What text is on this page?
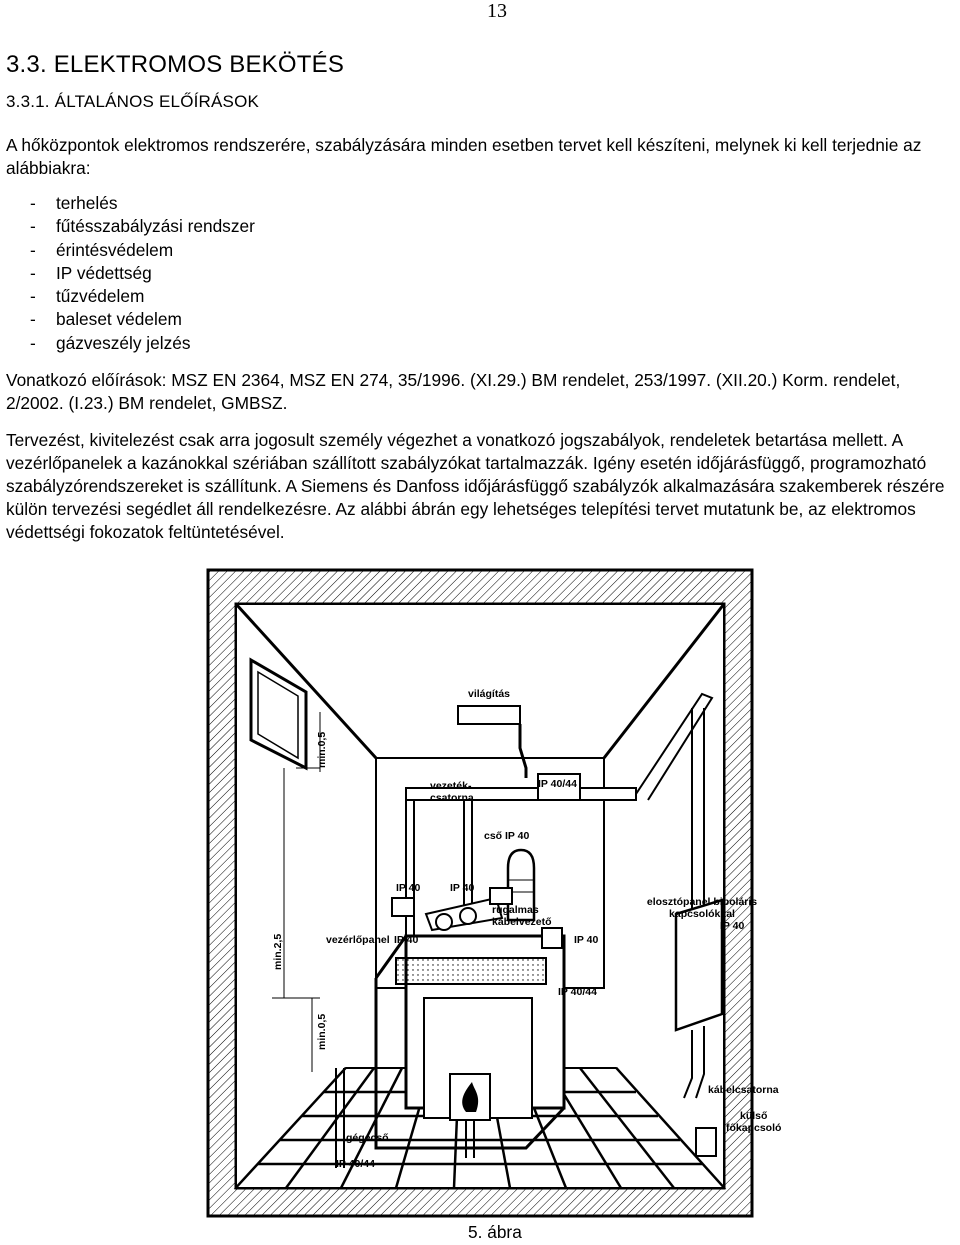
13
3.3. ELEKTROMOS BEKÖTÉS
3.3.1. ÁLTALÁNOS ELŐÍRÁSOK

A hőközpontok elektromos rendszerére, szabályzására minden esetben tervet kell készíteni, melynek ki kell terjednie az alábbiakra:

- terhelés
- fűtésszabályzási rendszer
- érintésvédelem
- IP védettség
- tűzvédelem
- baleset védelem
- gázveszély jelzés

Vonatkozó előírások: MSZ EN 2364, MSZ EN 274, 35/1996. (XI.29.) BM rendelet, 253/1997. (XII.20.) Korm. rendelet, 2/2002. (I.23.) BM rendelet, GMBSZ.

Tervezést, kivitelezést csak arra jogosult személy végezhet a vonatkozó jogszabályok, rendeletek betartása mellett. A vezérlőpanelek a kazánokkal szériában szállított szabályzókat tartalmazzák. Igény esetén időjárásfüggő, programozható szabályzórendszereket is szállítunk. A Siemens és Danfoss időjárásfüggő szabályzók alkalmazására szakemberek részére külön tervezési segédlet áll rendelkezésre. Az alábbi ábrán egy lehetséges telepítési tervet mutatunk be, az elektromos védettségi fokozatok feltüntetésével.

világítás
vezeték-
csatorna
IP 40/44
cső IP 40
IP 40	IP 40
rugalmas
kábelvezető
vezérlőpanel IP 40	IP 40
IP 40/44

elosztópanel bipoláris
kapcsolókkal

IP 40
kábelcsatorna
külső
főkapcsoló
gégecső
IP 40/44
min.0,5
min.2,5
min.0,5
5. ábra
